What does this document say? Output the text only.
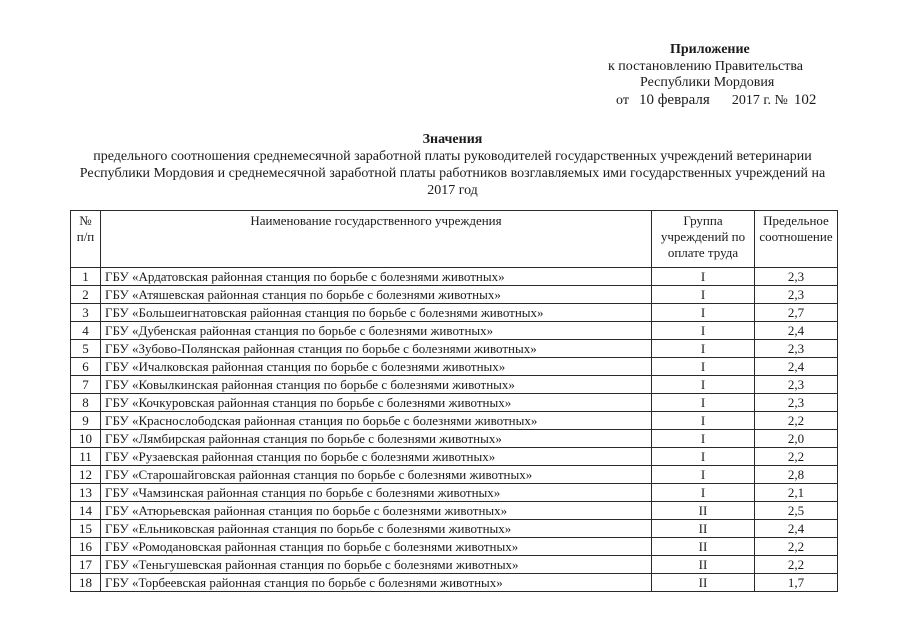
Приложение
к постановлению Правительства
Республики Мордовия
от 10 февраля 2017 г. № 102
Значения
предельного соотношения среднемесячной заработной платы руководителей государственных учреждений ветеринарии
Республики Мордовия и среднемесячной заработной платы работников возглавляемых ими государственных учреждений на
2017 год
№ п/п	Наименование государственного учреждения	Группа учреждений по оплате труда	Предельное соотношение
1	ГБУ «Ардатовская районная станция по борьбе с болезнями животных»	I	2,3
2	ГБУ «Атяшевская районная станция по борьбе с болезнями животных»	I	2,3
3	ГБУ «Большеигнатовская районная станция по борьбе с болезнями животных»	I	2,7
4	ГБУ «Дубенская районная станция по борьбе с болезнями животных»	I	2,4
5	ГБУ «Зубово-Полянская районная станция по борьбе с болезнями животных»	I	2,3
6	ГБУ «Ичалковская районная станция по борьбе с болезнями животных»	I	2,4
7	ГБУ «Ковылкинская районная станция по борьбе с болезнями животных»	I	2,3
8	ГБУ «Кочкуровская районная станция по борьбе с болезнями животных»	I	2,3
9	ГБУ «Краснослободская районная станция по борьбе с болезнями животных»	I	2,2
10	ГБУ «Лямбирская районная станция по борьбе с болезнями животных»	I	2,0
11	ГБУ «Рузаевская районная станция по борьбе с болезнями животных»	I	2,2
12	ГБУ «Старошайговская районная станция по борьбе с болезнями животных»	I	2,8
13	ГБУ «Чамзинская районная станция по борьбе с болезнями животных»	I	2,1
14	ГБУ «Атюрьевская районная станция по борьбе с болезнями животных»	II	2,5
15	ГБУ «Ельниковская районная станция по борьбе с болезнями животных»	II	2,4
16	ГБУ «Ромодановская районная станция по борьбе с болезнями животных»	II	2,2
17	ГБУ «Теньгушевская районная станция по борьбе с болезнями животных»	II	2,2
18	ГБУ «Торбеевская районная станция по борьбе с болезнями животных»	II	1,7
